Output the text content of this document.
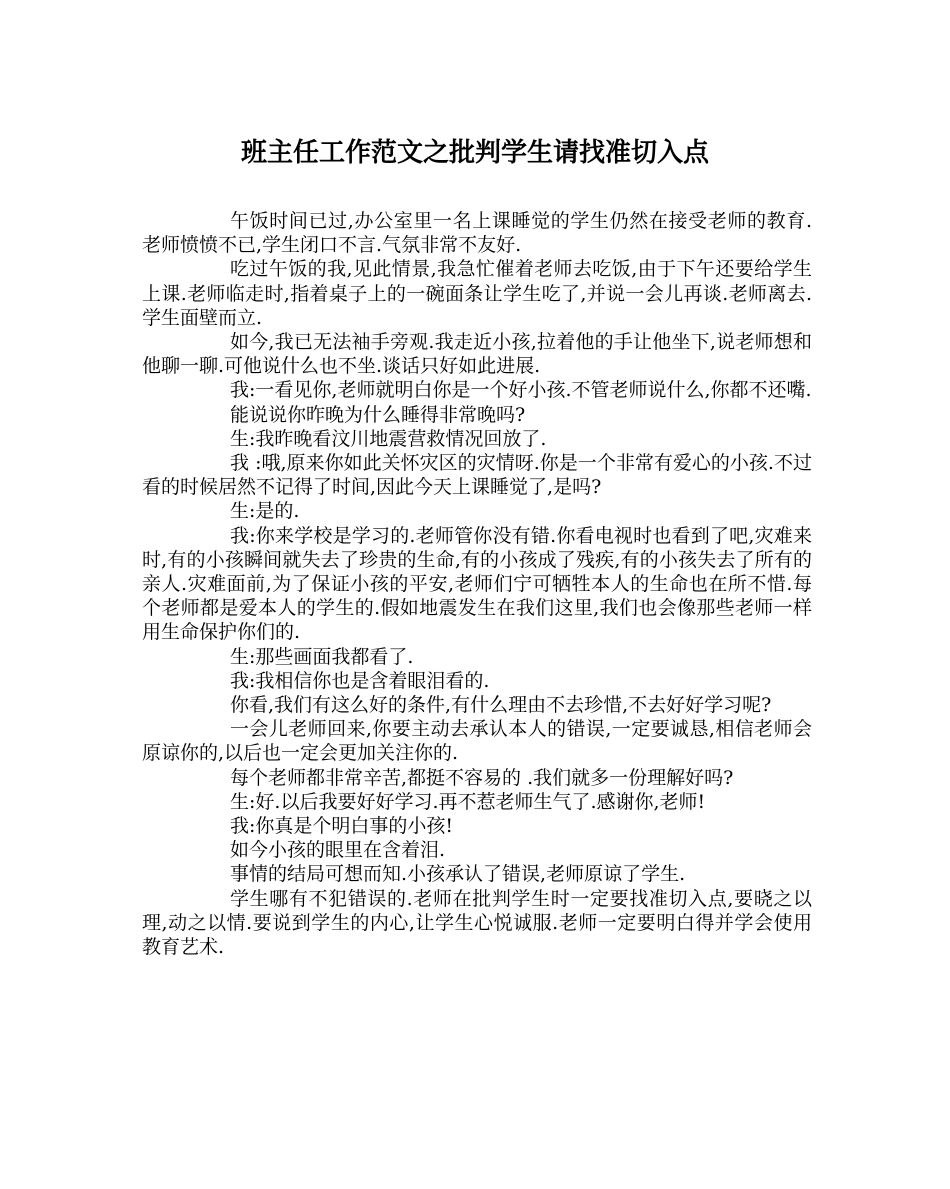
班主任工作范文之批判学生请找准切入点

午饭时间已过,办公室里一名上课睡觉的学生仍然在接受老师的教育.老师愤愤不已,学生闭口不言.气氛非常不友好.

吃过午饭的我,见此情景,我急忙催着老师去吃饭,由于下午还要给学生上课.老师临走时,指着桌子上的一碗面条让学生吃了,并说一会儿再谈.老师离去.学生面壁而立.

如今,我已无法袖手旁观.我走近小孩,拉着他的手让他坐下,说老师想和他聊一聊.可他说什么也不坐.谈话只好如此进展.

我:一看见你,老师就明白你是一个好小孩.不管老师说什么,你都不还嘴.

能说说你昨晚为什么睡得非常晚吗?

生:我昨晚看汶川地震营救情况回放了.

我 :哦,原来你如此关怀灾区的灾情呀.你是一个非常有爱心的小孩.不过看的时候居然不记得了时间,因此今天上课睡觉了,是吗?

生:是的.

我:你来学校是学习的.老师管你没有错.你看电视时也看到了吧,灾难来时,有的小孩瞬间就失去了珍贵的生命,有的小孩成了残疾,有的小孩失去了所有的亲人.灾难面前,为了保证小孩的平安,老师们宁可牺牲本人的生命也在所不惜.每个老师都是爱本人的学生的.假如地震发生在我们这里,我们也会像那些老师一样用生命保护你们的.

生:那些画面我都看了.

我:我相信你也是含着眼泪看的.

你看,我们有这么好的条件,有什么理由不去珍惜,不去好好学习呢?

一会儿老师回来,你要主动去承认本人的错误,一定要诚恳,相信老师会原谅你的,以后也一定会更加关注你的.

每个老师都非常辛苦,都挺不容易的 .我们就多一份理解好吗?

生:好.以后我要好好学习.再不惹老师生气了.感谢你,老师!

我:你真是个明白事的小孩!

如今小孩的眼里在含着泪.

事情的结局可想而知.小孩承认了错误,老师原谅了学生.

学生哪有不犯错误的.老师在批判学生时一定要找准切入点,要晓之以理,动之以情.要说到学生的内心,让学生心悦诚服.老师一定要明白得并学会使用教育艺术.
